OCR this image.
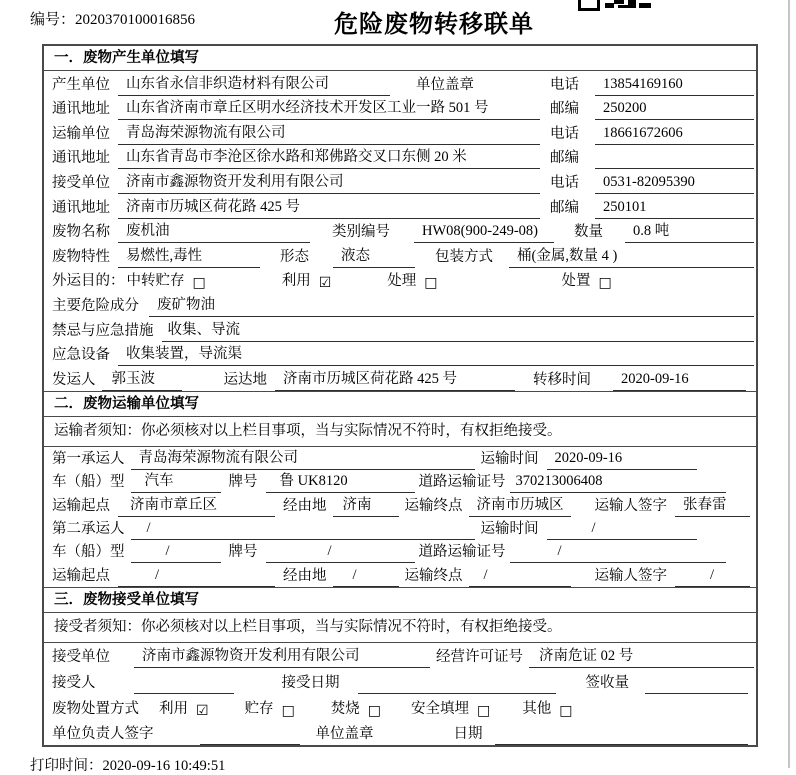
编号：2020370100016856	危险废物转移联单
一．废物产生单位填写
产生单位	山东省永信非织造材料有限公司	单位盖章	电话	13854169160
通讯地址	山东省济南市章丘区明水经济技术开发区工业一路 501 号	邮编	250200
运输单位	青岛海荣源物流有限公司	电话	18661672606
通讯地址	山东省青岛市李沧区徐水路和郑佛路交叉口东侧 20 米	邮编
接受单位	济南市鑫源物资开发利用有限公司	电话	0531-82095390
通讯地址	济南市历城区荷花路 425 号	邮编	250101
废物名称	废机油	类别编号	HW08(900-249-08)	数量	0.8 吨
废物特性	易燃性,毒性	形态	液态	包装方式	桶(金属,数量 4 )
外运目的： 中转贮存 □	利用 ☑	处理 □	处置 □
主要危险成分	废矿物油
禁忌与应急措施 收集、导流
应急设备	收集装置，导流渠
发运人	郭玉波	运达地	济南市历城区荷花路 425 号	转移时间	2020-09-16
二．废物运输单位填写
运输者须知：你必须核对以上栏目事项，当与实际情况不符时，有权拒绝接受。
第一承运人 青岛海荣源物流有限公司	运输时间	2020-09-16
车（船）型	汽车	牌号	鲁 UK8120	道路运输证号 370213006408
运输起点	济南市章丘区	经由地	济南	运输终点 济南市历城区	运输人签字	张春雷
第二承运人	/	运输时间	/
车（船）型	/	牌号	/	道路运输证号	/
运输起点	/	经由地	/	运输终点	/	运输人签字	/
三．废物接受单位填写
接受者须知：你必须核对以上栏目事项，当与实际情况不符时，有权拒绝接受。
接受单位	济南市鑫源物资开发利用有限公司	经营许可证号	济南危证 02 号
接受人	接受日期	签收量
废物处置方式 利用 ☑ 贮存 □ 焚烧 □ 安全填埋 □ 其他 □
单位负责人签字	单位盖章	日期
打印时间：2020-09-16 10:49:51
